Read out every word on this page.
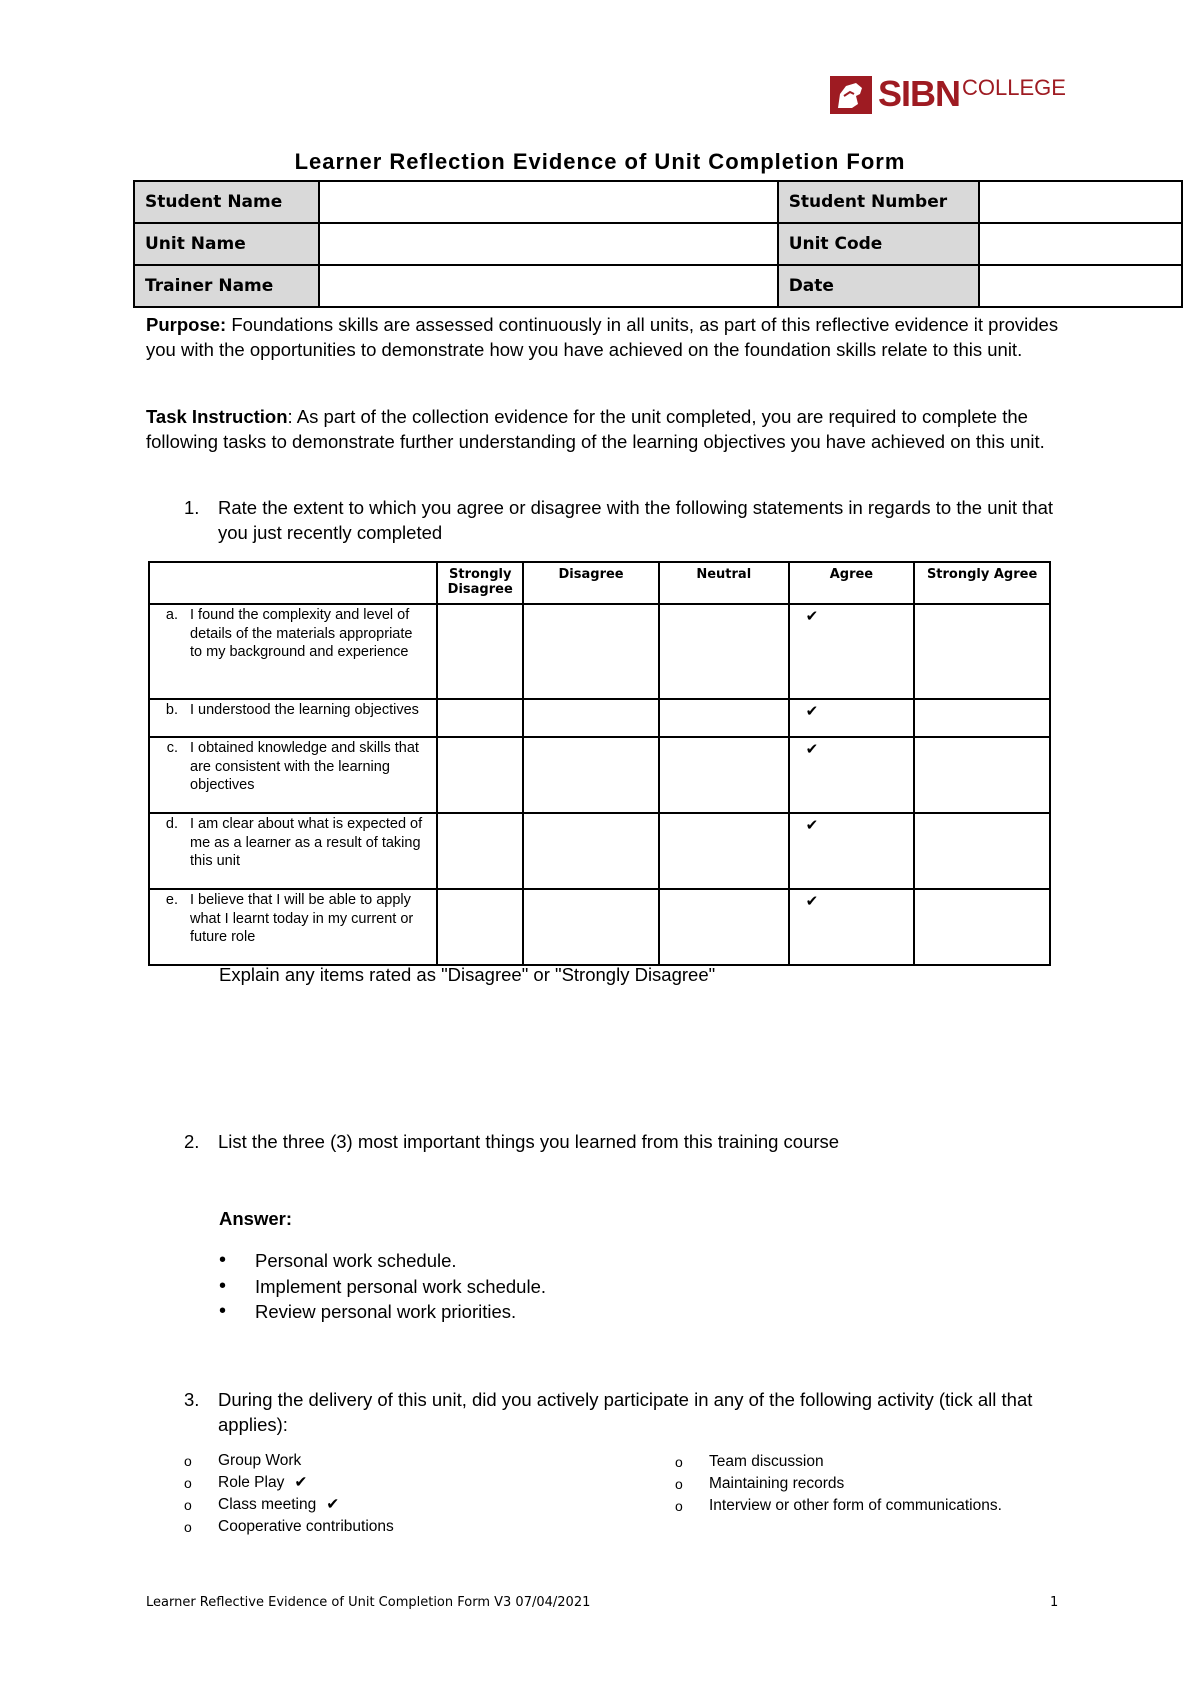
SIBN COLLEGE
Learner Reflection Evidence of Unit Completion Form
Student Name		Student Number	
Unit Name		Unit Code	
Trainer Name		Date	
Purpose: Foundations skills are assessed continuously in all units, as part of this reflective evidence it provides you with the opportunities to demonstrate how you have achieved on the foundation skills relate to this unit.
Task Instruction: As part of the collection evidence for the unit completed, you are required to complete the following tasks to demonstrate further understanding of the learning objectives you have achieved on this unit.
1. Rate the extent to which you agree or disagree with the following statements in regards to the unit that you just recently completed
	Strongly Disagree	Disagree	Neutral	Agree	Strongly Agree

a. I found the complexity and level of details of the materials appropriate to my background and experience				✔	

b. I understood the learning objectives				✔	

c. I obtained knowledge and skills that are consistent with the learning objectives				✔	

d. I am clear about what is expected of me as a learner as a result of taking this unit				✔	

e. I believe that I will be able to apply what I learnt today in my current or future role				✔	
Explain any items rated as "Disagree" or "Strongly Disagree"
2. List the three (3) most important things you learned from this training course
Answer:
• Personal work schedule.
• Implement personal work schedule.
• Review personal work priorities.
3. During the delivery of this unit, did you actively participate in any of the following activity (tick all that applies):
o Group Work
o Role Play ✔
o Class meeting ✔
o Cooperative contributions
o Team discussion
o Maintaining records
o Interview or other form of communications.
Learner Reflective Evidence of Unit Completion Form V3 07/04/2021	1
